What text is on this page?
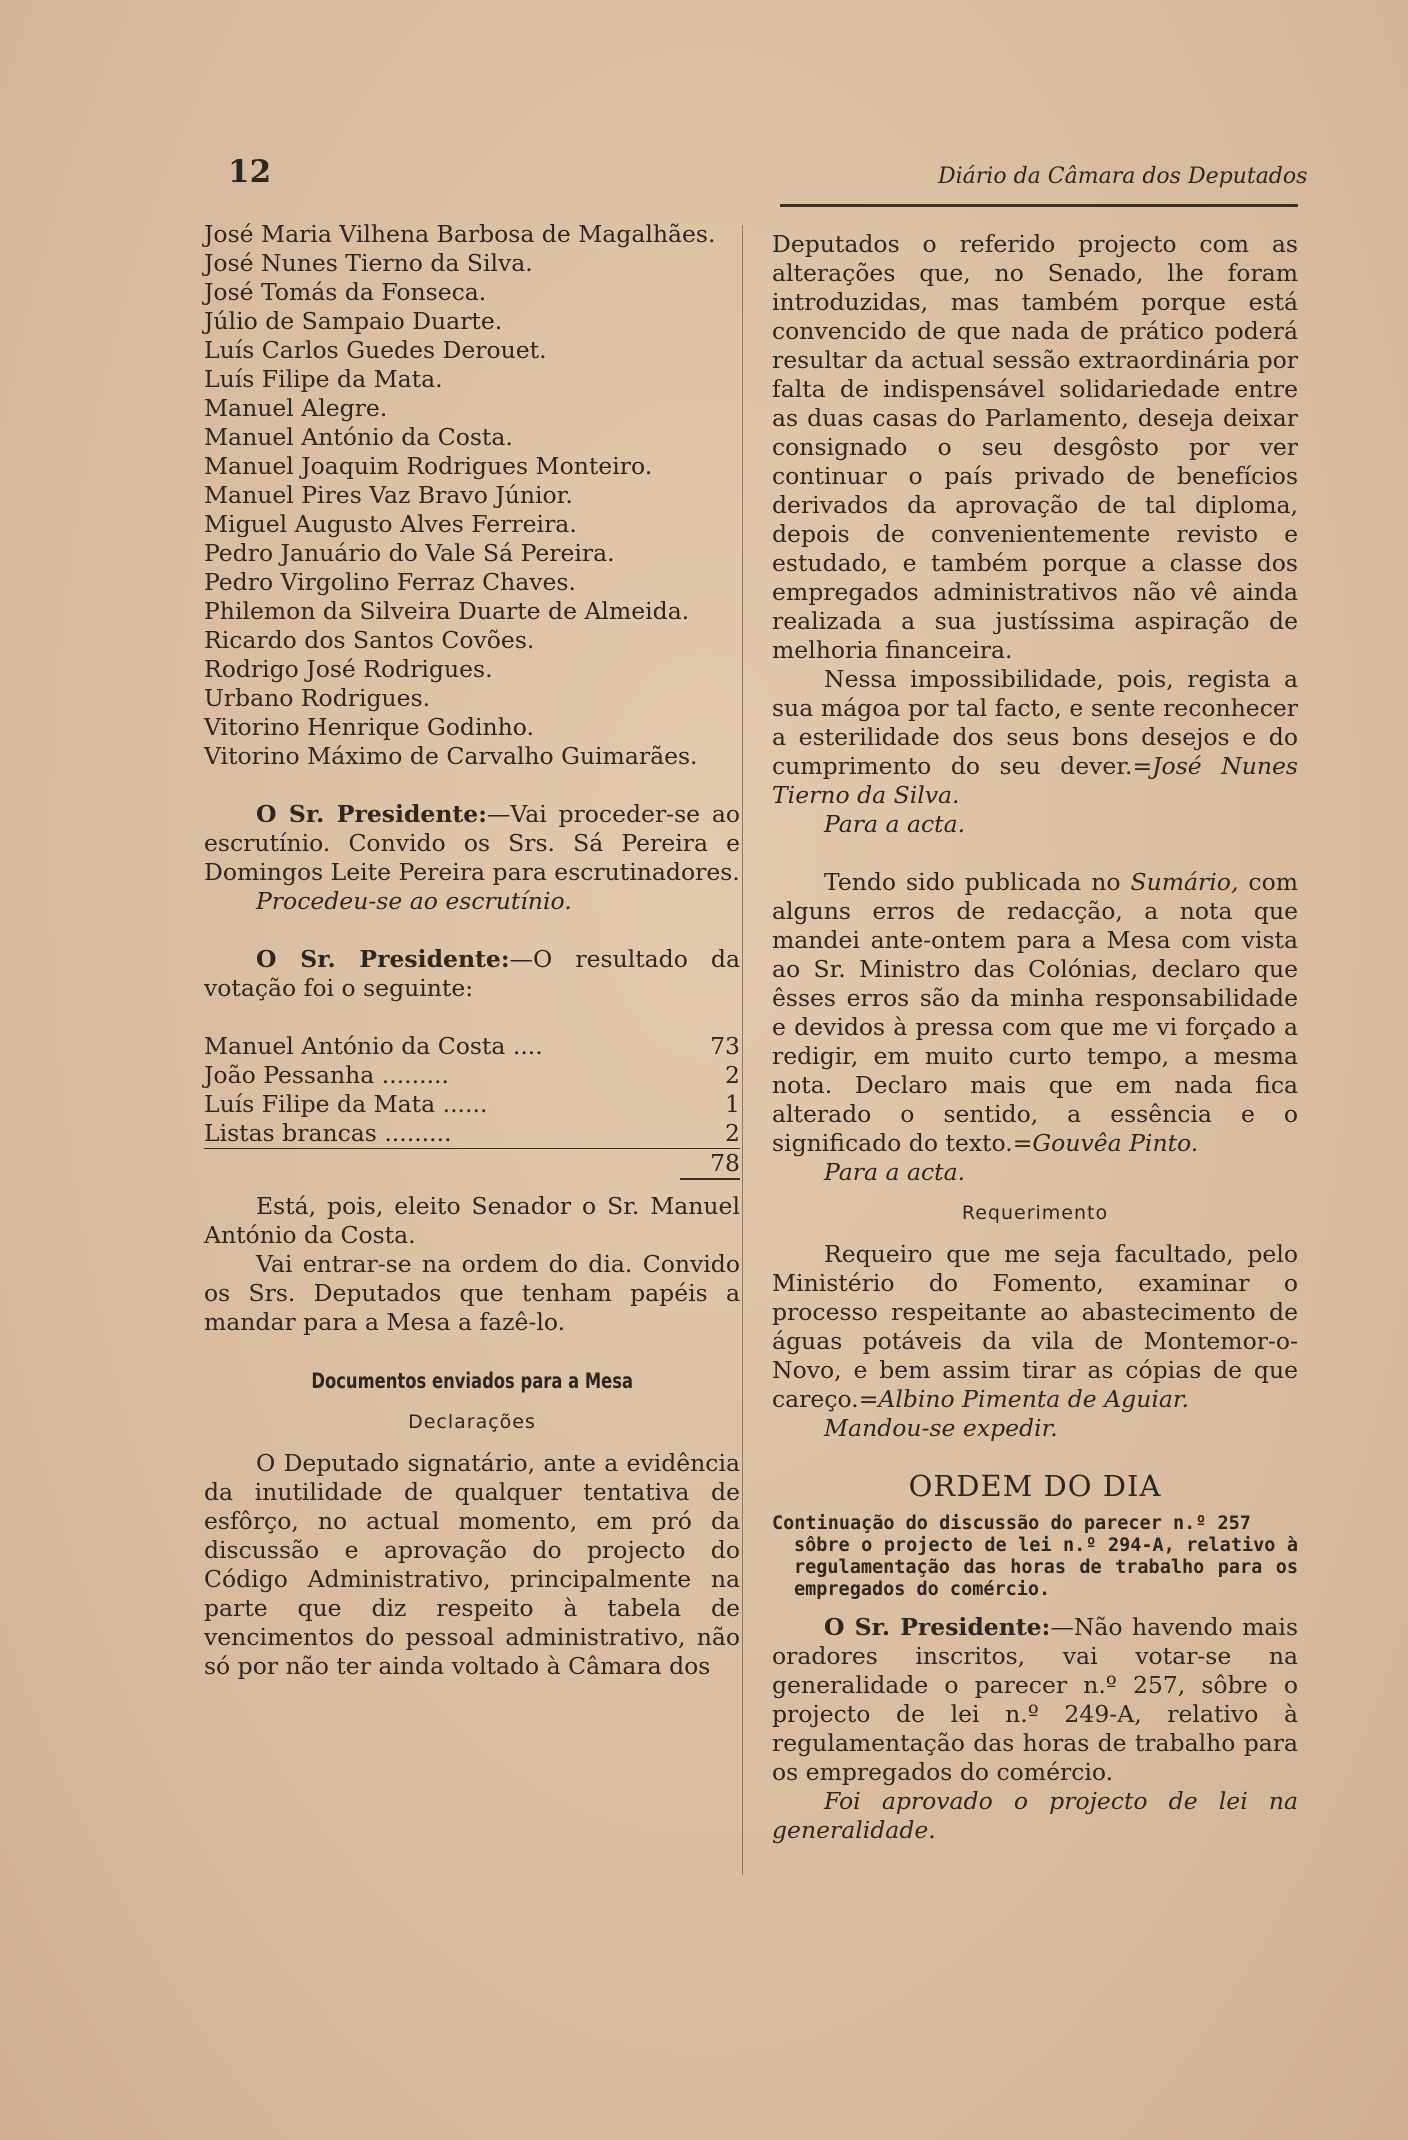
12	Diário da Câmara dos Deputados

José Maria Vilhena Barbosa de Magalhães.

José Nunes Tierno da Silva.

José Tomás da Fonseca.

Júlio de Sampaio Duarte.

Luís Carlos Guedes Derouet.

Luís Filipe da Mata.

Manuel Alegre.

Manuel António da Costa.

Manuel Joaquim Rodrigues Monteiro.

Manuel Pires Vaz Bravo Júnior.

Miguel Augusto Alves Ferreira.

Pedro Januário do Vale Sá Pereira.

Pedro Virgolino Ferraz Chaves.

Philemon da Silveira Duarte de Almeida.

Ricardo dos Santos Covões.

Rodrigo José Rodrigues.

Urbano Rodrigues.

Vitorino Henrique Godinho.

Vitorino Máximo de Carvalho Guimarães.

O Sr. Presidente:—Vai proceder-se ao escrutínio. Convido os Srs. Sá Pereira e Domingos Leite Pereira para escrutinadores.

Procedeu-se ao escrutínio.

O Sr. Presidente:—O resultado da votação foi o seguinte:

Manuel António da Costa ....	73
João Pessanha .........	2
Luís Filipe da Mata ......	1
Listas brancas .........	2
	78

Está, pois, eleito Senador o Sr. Manuel António da Costa.

Vai entrar-se na ordem do dia. Convido os Srs. Deputados que tenham papéis a mandar para a Mesa a fazê-lo.

Documentos enviados para a Mesa
Declarações

O Deputado signatário, ante a evidência da inutilidade de qualquer tentativa de esfôrço, no actual momento, em pró da discussão e aprovação do projecto do Código Administrativo, principalmente na parte que diz respeito à tabela de vencimentos do pessoal administrativo, não só por não ter ainda voltado à Câmara dos

Deputados o referido projecto com as alterações que, no Senado, lhe foram introduzidas, mas também porque está convencido de que nada de prático poderá resultar da actual sessão extraordinária por falta de indispensável solidariedade entre as duas casas do Parlamento, deseja deixar consignado o seu desgôsto por ver continuar o país privado de benefícios derivados da aprovação de tal diploma, depois de convenientemente revisto e estudado, e também porque a classe dos empregados administrativos não vê ainda realizada a sua justíssima aspiração de melhoria financeira.

Nessa impossibilidade, pois, regista a sua mágoa por tal facto, e sente reconhecer a esterilidade dos seus bons desejos e do cumprimento do seu dever.=José Nunes Tierno da Silva.

Para a acta.

Tendo sido publicada no Sumário, com alguns erros de redacção, a nota que mandei ante-ontem para a Mesa com vista ao Sr. Ministro das Colónias, declaro que êsses erros são da minha responsabilidade e devidos à pressa com que me vi forçado a redigir, em muito curto tempo, a mesma nota. Declaro mais que em nada fica alterado o sentido, a essência e o significado do texto.=Gouvêa Pinto.

Para a acta.

Requerimento

Requeiro que me seja facultado, pelo Ministério do Fomento, examinar o processo respeitante ao abastecimento de águas potáveis da vila de Montemor-o-Novo, e bem assim tirar as cópias de que careço.=Albino Pimenta de Aguiar.

Mandou-se expedir.

ORDEM DO DIA
Continuação do discussão do parecer n.º 257
sôbre o projecto de lei n.º 294-A, relativo à regulamentação das horas de trabalho para os empregados do comércio.

O Sr. Presidente:—Não havendo mais oradores inscritos, vai votar-se na generalidade o parecer n.º 257, sôbre o projecto de lei n.º 249-A, relativo à regulamentação das horas de trabalho para os empregados do comércio.

Foi aprovado o projecto de lei na generalidade.
